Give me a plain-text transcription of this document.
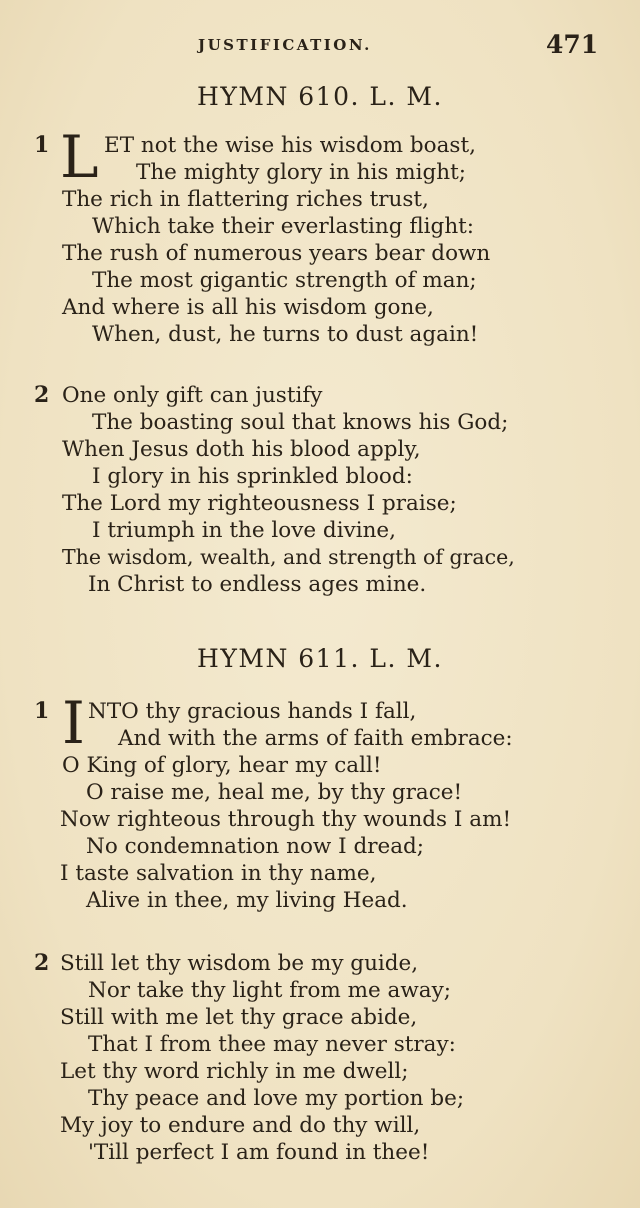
JUSTIFICATION.	471
HYMN 610. L. M.
1 L ET not the wise his wisdom boast,
The mighty glory in his might;
The rich in flattering riches trust,
Which take their everlasting flight:
The rush of numerous years bear down
The most gigantic strength of man;
And where is all his wisdom gone,
When, dust, he turns to dust again!
2 One only gift can justify
The boasting soul that knows his God;
When Jesus doth his blood apply,
I glory in his sprinkled blood:
The Lord my righteousness I praise;
I triumph in the love divine,
The wisdom, wealth, and strength of grace,
In Christ to endless ages mine.
HYMN 611. L. M.
1 I NTO thy gracious hands I fall,
And with the arms of faith embrace:
O King of glory, hear my call!
O raise me, heal me, by thy grace!
Now righteous through thy wounds I am!
No condemnation now I dread;
I taste salvation in thy name,
Alive in thee, my living Head.
2 Still let thy wisdom be my guide,
Nor take thy light from me away;
Still with me let thy grace abide,
That I from thee may never stray:
Let thy word richly in me dwell;
Thy peace and love my portion be;
My joy to endure and do thy will,
'Till perfect I am found in thee!
